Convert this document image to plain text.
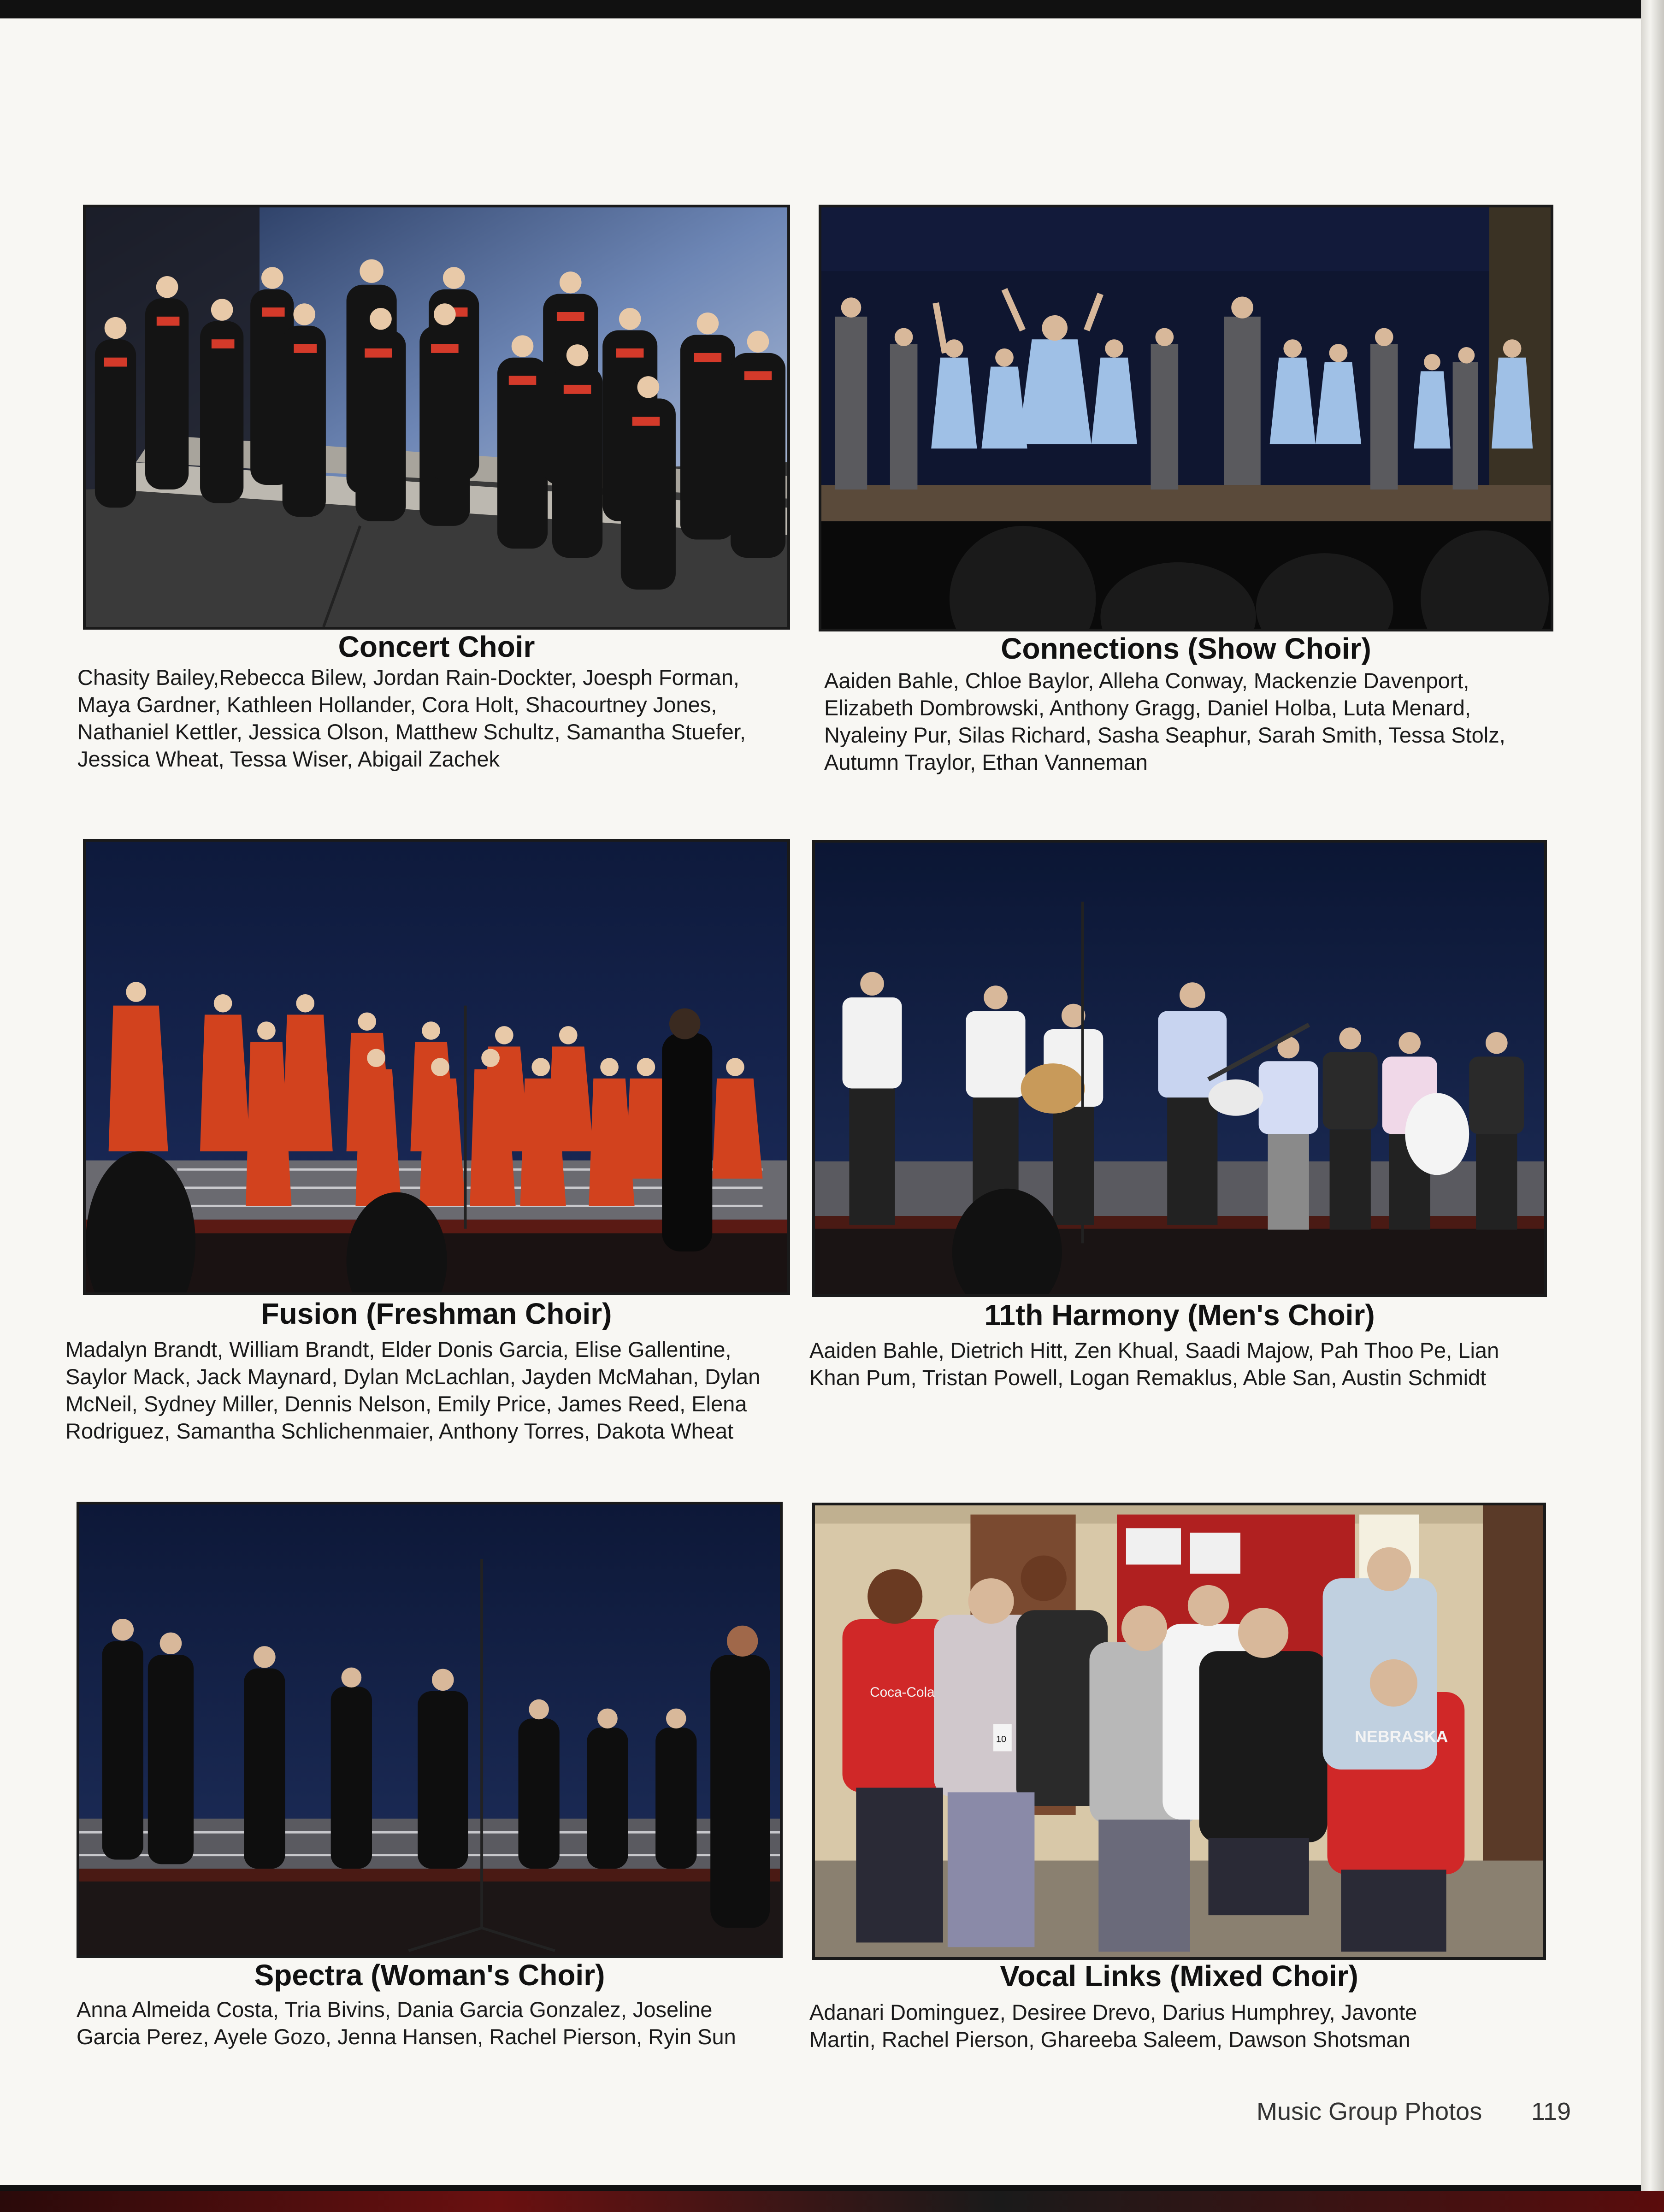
Coca-Cola
NEBRASKA
10
Concert Choir
Chasity Bailey,Rebecca Bilew, Jordan Rain-Dockter, Joesph Forman, Maya Gardner, Kathleen Hollander, Cora Holt, Shacourtney Jones, Nathaniel Kettler, Jessica Olson, Matthew Schultz, Samantha Stuefer, Jessica Wheat, Tessa Wiser, Abigail Zachek
Connections (Show Choir)
Aaiden Bahle, Chloe Baylor, Alleha Conway, Mackenzie Davenport, Elizabeth Dombrowski, Anthony Gragg, Daniel Holba, Luta Menard, Nyaleiny Pur, Silas Richard, Sasha Seaphur, Sarah Smith, Tessa Stolz, Autumn Traylor, Ethan Vanneman
Fusion (Freshman Choir)
Madalyn Brandt, William Brandt, Elder Donis Garcia, Elise Gallentine, Saylor Mack, Jack Maynard, Dylan McLachlan, Jayden McMahan, Dylan McNeil, Sydney Miller, Dennis Nelson, Emily Price, James Reed, Elena Rodriguez, Samantha Schlichenmaier, Anthony Torres, Dakota Wheat
11th Harmony (Men's Choir)
Aaiden Bahle, Dietrich Hitt, Zen Khual, Saadi Majow, Pah Thoo Pe, Lian Khan Pum, Tristan Powell, Logan Remaklus, Able San, Austin Schmidt
Spectra (Woman's Choir)
Anna Almeida Costa, Tria Bivins, Dania Garcia Gonzalez, Joseline Garcia Perez, Ayele Gozo, Jenna Hansen, Rachel Pierson, Ryin Sun
Vocal Links (Mixed Choir)
Adanari Dominguez, Desiree Drevo, Darius Humphrey, Javonte Martin, Rachel Pierson, Ghareeba Saleem, Dawson Shotsman
Music Group Photos 119
